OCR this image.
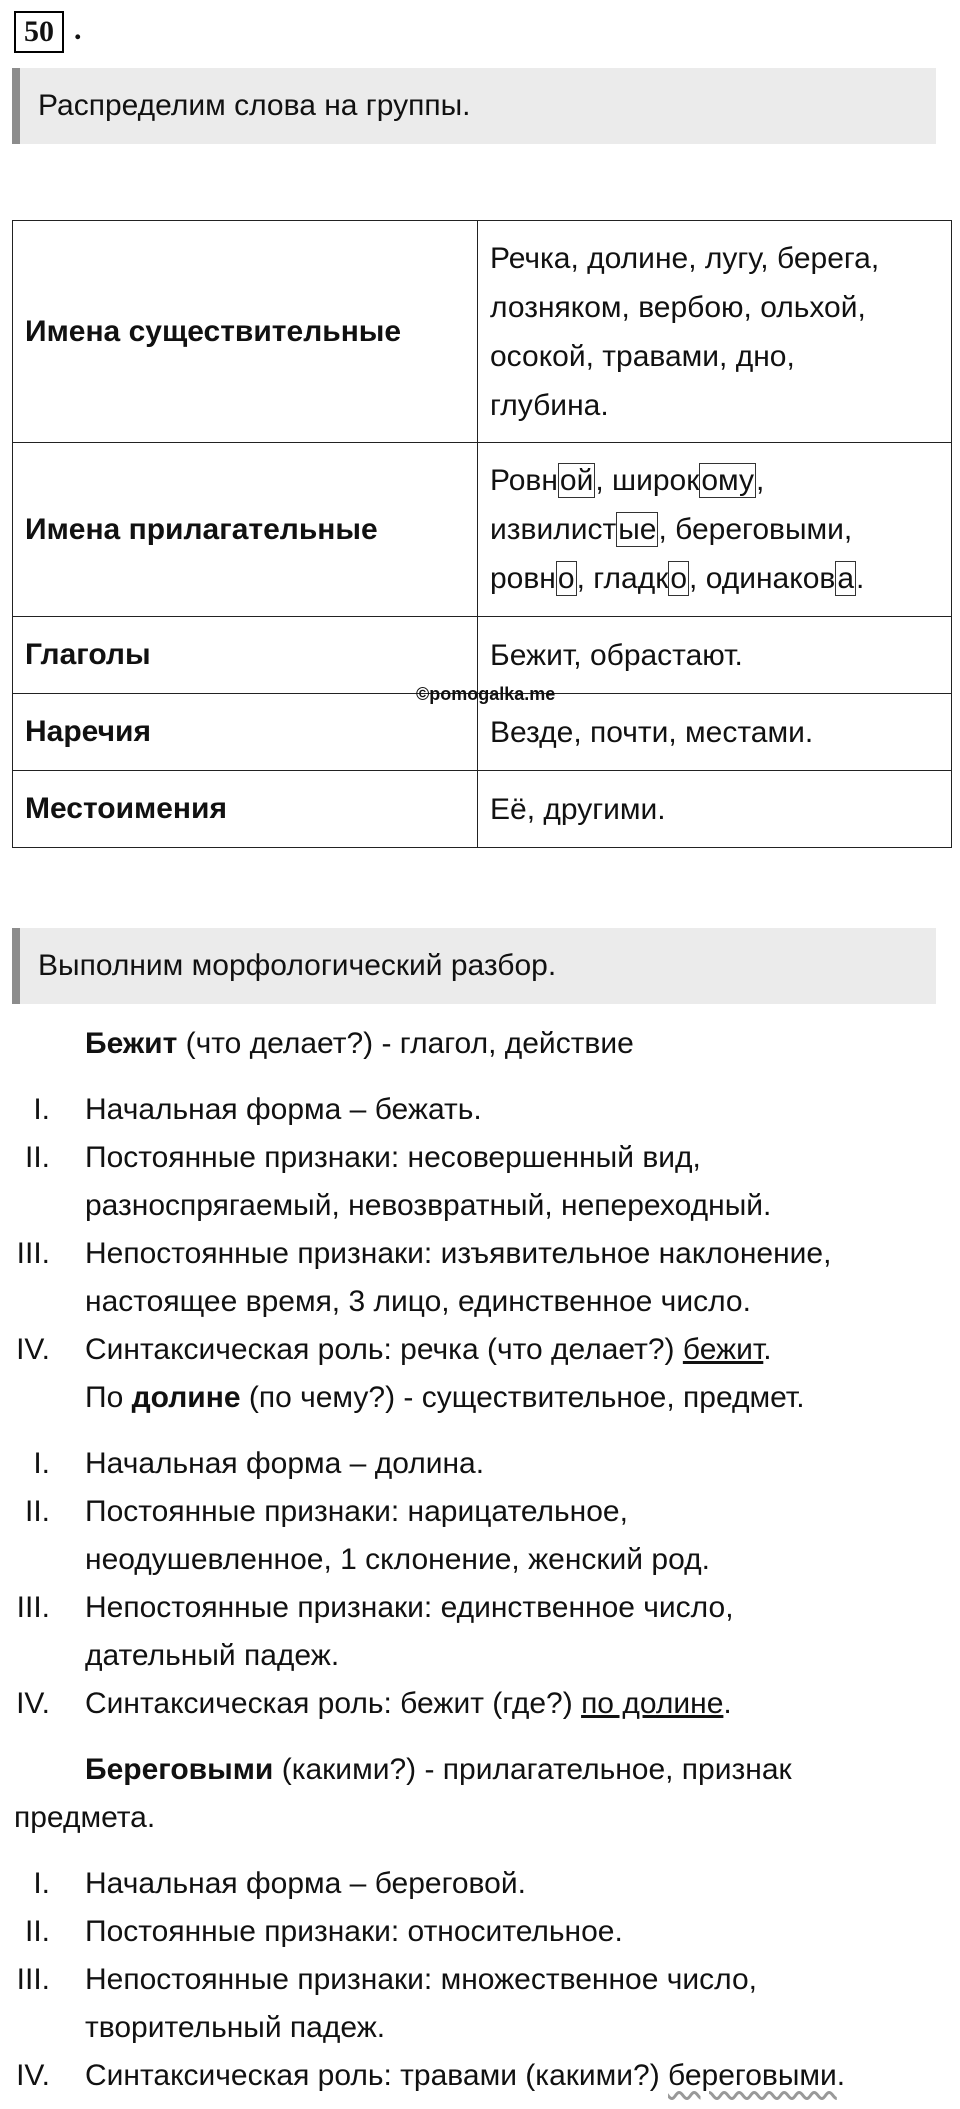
50 .
Распределим слова на группы.
Имена существительные	Речка, долине, лугу, берега,
лозняком, вербою, ольхой,
осокой, травами, дно,
глубина.

Имена прилагательные	Ровной, широкому,
извилистые, береговыми,
ровно, гладко, одинакова.

Глаголы	Бежит, обрастают.
Наречия	Везде, почти, местами.
Местоимения	Её, другими.
©pomogalka.me
Выполним морфологический разбор.
Бежит (что делает?) - глагол, действие
I. Начальная форма – бежать.
II. Постоянные признаки: несовершенный вид,
разноспрягаемый, невозвратный, непереходный.
III. Непостоянные признаки: изъявительное наклонение,
настоящее время, 3 лицо, единственное число.
IV. Синтаксическая роль: речка (что делает?) бежит.
По долине (по чему?) - существительное, предмет.
I. Начальная форма – долина.
II. Постоянные признаки: нарицательное,
неодушевленное, 1 склонение, женский род.
III. Непостоянные признаки: единственное число,
дательный падеж.
IV. Синтаксическая роль: бежит (где?) по долине.
Береговыми (какими?) - прилагательное, признак
предмета.
I. Начальная форма – береговой.
II. Постоянные признаки: относительное.
III. Непостоянные признаки: множественное число,
творительный падеж.
IV. Синтаксическая роль: травами (какими?) береговыми.
